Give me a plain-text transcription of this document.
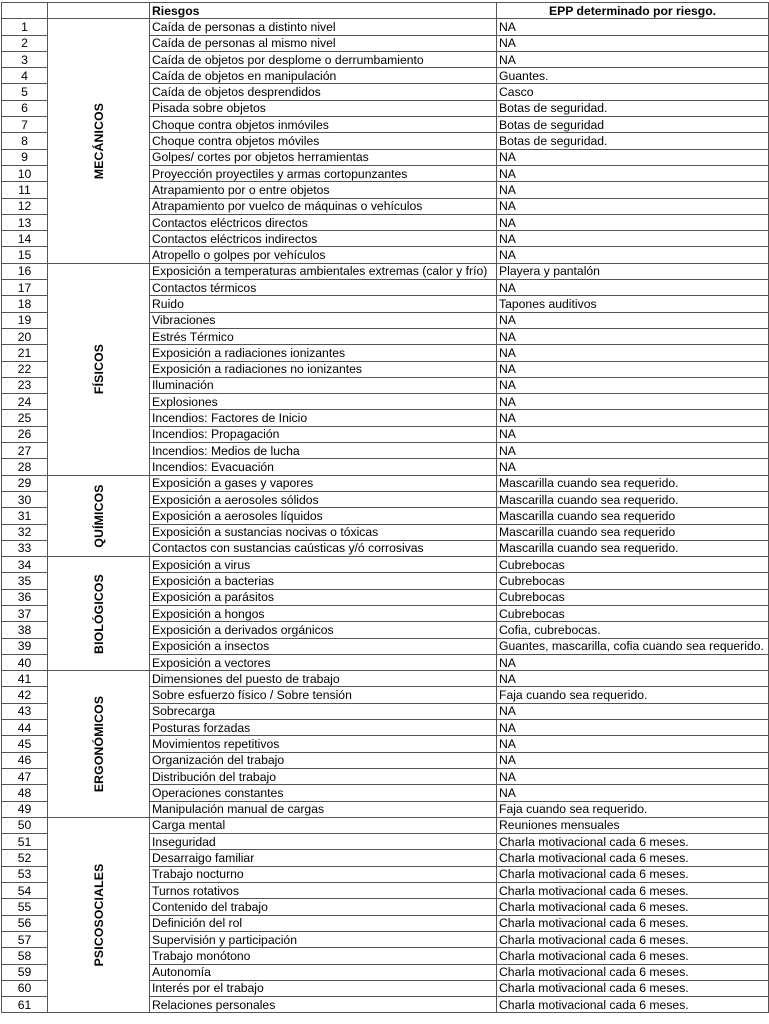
		Riesgos	EPP determinado por riesgo.
1	MECÁNICOS	Caída de personas a distinto nivel	NA
2		Caída de personas al mismo nivel	NA
3		Caída de objetos por desplome o derrumbamiento	NA
4		Caída de objetos en manipulación	Guantes.
5		Caída de objetos desprendidos	Casco
6		Pisada sobre objetos	Botas de seguridad.
7		Choque contra objetos inmóviles	Botas de seguridad
8		Choque contra objetos móviles	Botas de seguridad.
9		Golpes/ cortes por objetos herramientas	NA
10		Proyección proyectiles y armas cortopunzantes	NA
11		Atrapamiento por o entre objetos	NA
12		Atrapamiento por vuelco de máquinas o vehículos	NA
13		Contactos eléctricos directos	NA
14		Contactos eléctricos indirectos	NA
15		Atropello o golpes por vehículos	NA
16	FÍSICOS	Exposición a temperaturas ambientales extremas (calor y frío)	Playera y pantalón
17		Contactos térmicos	NA
18		Ruido	Tapones auditivos
19		Vibraciones	NA
20		Estrés Térmico	NA
21		Exposición a radiaciones ionizantes	NA
22		Exposición a radiaciones no ionizantes	NA
23		Iluminación	NA
24		Explosiones	NA
25		Incendios: Factores de Inicio	NA
26		Incendios: Propagación	NA
27		Incendios: Medios de lucha	NA
28		Incendios: Evacuación	NA
29	QUÍMICOS	Exposición a gases y vapores	Mascarilla cuando sea requerido.
30		Exposición a aerosoles sólidos	Mascarilla cuando sea requerido.
31		Exposición a aerosoles líquidos	Mascarilla cuando sea requerido
32		Exposición a sustancias nocivas o tóxicas	Mascarilla cuando sea requerido
33		Contactos con sustancias caústicas y/ó corrosivas	Mascarilla cuando sea requerido.
34	BIOLÓGICOS	Exposición a virus	Cubrebocas
35		Exposición a bacterias	Cubrebocas
36		Exposición a parásitos	Cubrebocas
37		Exposición a hongos	Cubrebocas
38		Exposición a derivados orgánicos	Cofia, cubrebocas.
39		Exposición a insectos	Guantes, mascarilla, cofia cuando sea requerido.
40		Exposición a vectores	NA
41	ERGONÓMICOS	Dimensiones del puesto de trabajo	NA
42		Sobre esfuerzo físico / Sobre tensión	Faja cuando sea requerido.
43		Sobrecarga	NA
44		Posturas forzadas	NA
45		Movimientos repetitivos	NA
46		Organización del trabajo	NA
47		Distribución del trabajo	NA
48		Operaciones constantes	NA
49		Manipulación manual de cargas	Faja cuando sea requerido.
50	PSICOSOCIALES	Carga mental	Reuniones mensuales
51		Inseguridad	Charla motivacional cada 6 meses.
52		Desarraigo familiar	Charla motivacional cada 6 meses.
53		Trabajo nocturno	Charla motivacional cada 6 meses.
54		Turnos rotativos	Charla motivacional cada 6 meses.
55		Contenido del trabajo	Charla motivacional cada 6 meses.
56		Definición del rol	Charla motivacional cada 6 meses.
57		Supervisión y participación	Charla motivacional cada 6 meses.
58		Trabajo monótono	Charla motivacional cada 6 meses.
59		Autonomía	Charla motivacional cada 6 meses.
60		Interés por el trabajo	Charla motivacional cada 6 meses.
61		Relaciones personales	Charla motivacional cada 6 meses.
